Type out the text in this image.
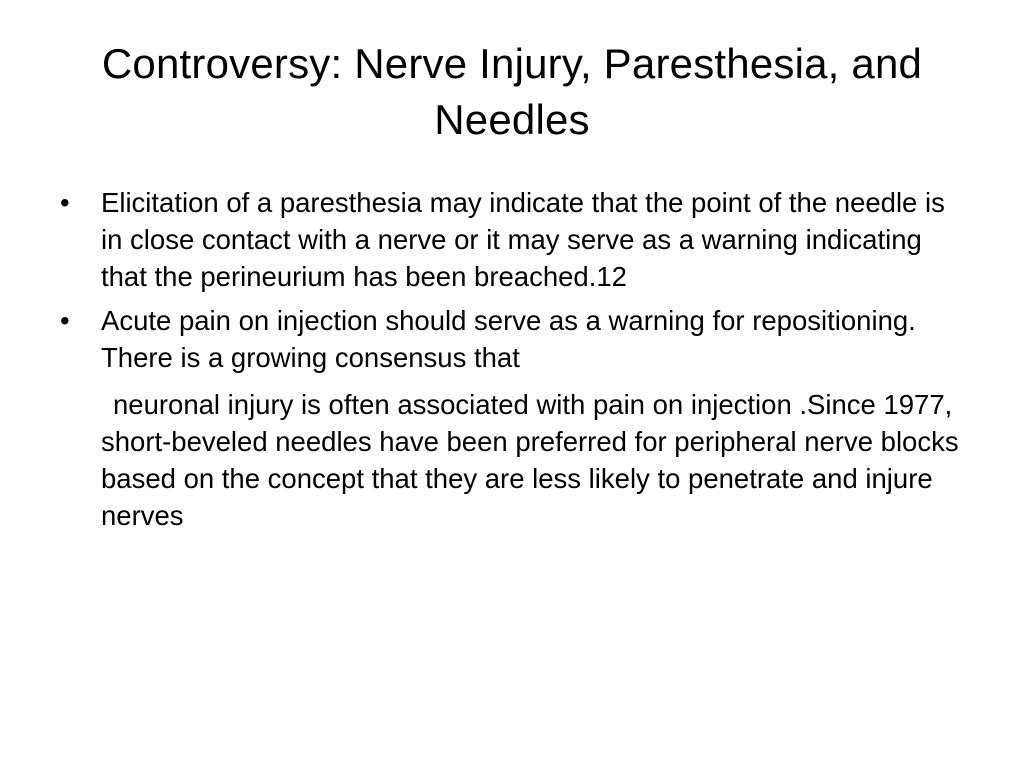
Controversy: Nerve Injury, Paresthesia, and Needles
•	Elicitation of a paresthesia may indicate that the point of the needle is in close contact with a nerve or it may serve as a warning indicating that the perineurium has been breached.12
•	Acute pain on injection should serve as a warning for repositioning. There is a growing consensus that
neuronal injury is often associated with pain on injection .Since 1977, short-beveled needles have been preferred for peripheral nerve blocks based on the concept that they are less likely to penetrate and injure nerves
